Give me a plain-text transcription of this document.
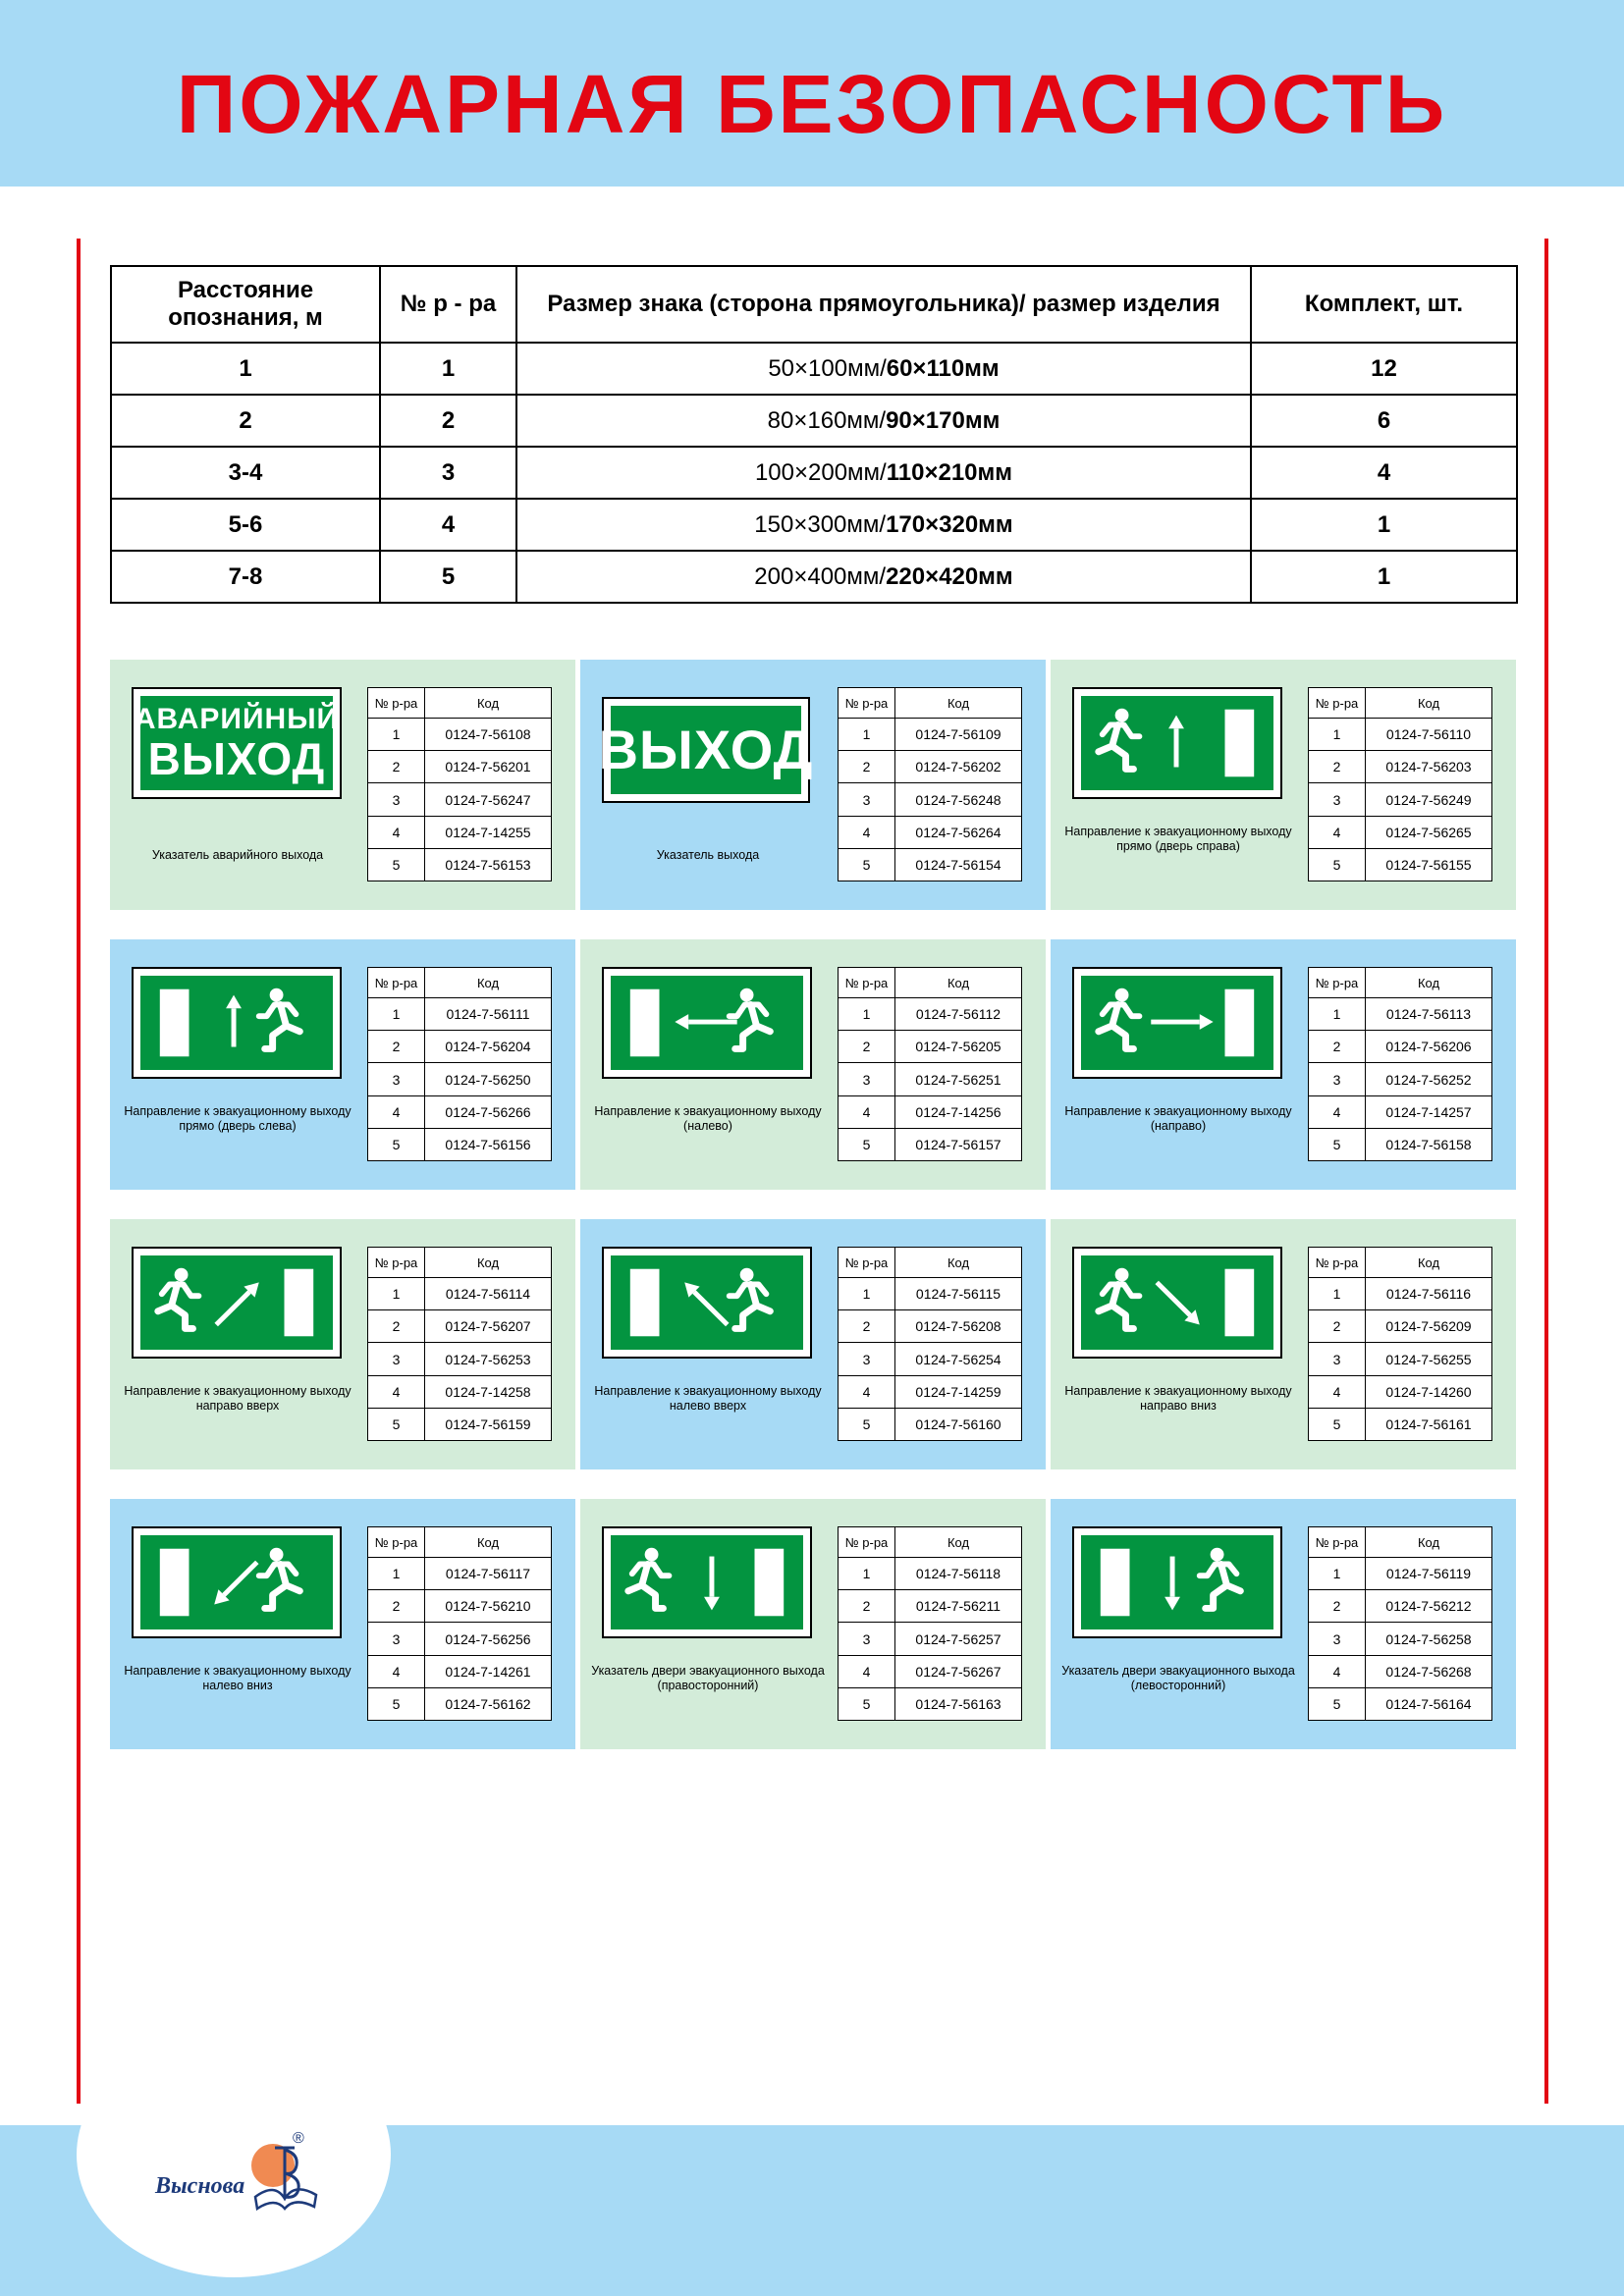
ПОЖАРНАЯ БЕЗОПАСНОСТЬ
Расстояние опознания, м	№ р - ра	Размер знака (сторона прямоугольника)/ размер изделия	Комплект, шт.
1	1	50×100мм/60×110мм	12
2	2	80×160мм/90×170мм	6
3-4	3	100×200мм/110×210мм	4
5-6	4	150×300мм/170×320мм	1
7-8	5	200×400мм/220×420мм	1
АВАРИЙНЫЙ
ВЫХОД
Указатель аварийного выхода
№ р-ра	Код
1	0124-7-56108
2	0124-7-56201
3	0124-7-56247
4	0124-7-14255
5	0124-7-56153
ВЫХОД
Указатель выхода
№ р-ра	Код
1	0124-7-56109
2	0124-7-56202
3	0124-7-56248
4	0124-7-56264
5	0124-7-56154
Направление к эвакуационному выходу прямо (дверь справа)
№ р-ра	Код
1	0124-7-56110
2	0124-7-56203
3	0124-7-56249
4	0124-7-56265
5	0124-7-56155
Направление к эвакуационному выходу прямо (дверь слева)
№ р-ра	Код
1	0124-7-56111
2	0124-7-56204
3	0124-7-56250
4	0124-7-56266
5	0124-7-56156
Направление к эвакуационному выходу (налево)
№ р-ра	Код
1	0124-7-56112
2	0124-7-56205
3	0124-7-56251
4	0124-7-14256
5	0124-7-56157
Направление к эвакуационному выходу (направо)
№ р-ра	Код
1	0124-7-56113
2	0124-7-56206
3	0124-7-56252
4	0124-7-14257
5	0124-7-56158
Направление к эвакуационному выходу направо вверх
№ р-ра	Код
1	0124-7-56114
2	0124-7-56207
3	0124-7-56253
4	0124-7-14258
5	0124-7-56159
Направление к эвакуационному выходу налево вверх
№ р-ра	Код
1	0124-7-56115
2	0124-7-56208
3	0124-7-56254
4	0124-7-14259
5	0124-7-56160
Направление к эвакуационному выходу направо вниз
№ р-ра	Код
1	0124-7-56116
2	0124-7-56209
3	0124-7-56255
4	0124-7-14260
5	0124-7-56161
Направление к эвакуационному выходу налево вниз
№ р-ра	Код
1	0124-7-56117
2	0124-7-56210
3	0124-7-56256
4	0124-7-14261
5	0124-7-56162
Указатель двери эвакуационного выхода (правосторонний)
№ р-ра	Код
1	0124-7-56118
2	0124-7-56211
3	0124-7-56257
4	0124-7-56267
5	0124-7-56163
Указатель двери эвакуационного выхода (левосторонний)
№ р-ра	Код
1	0124-7-56119
2	0124-7-56212
3	0124-7-56258
4	0124-7-56268
5	0124-7-56164
Выснова
®
